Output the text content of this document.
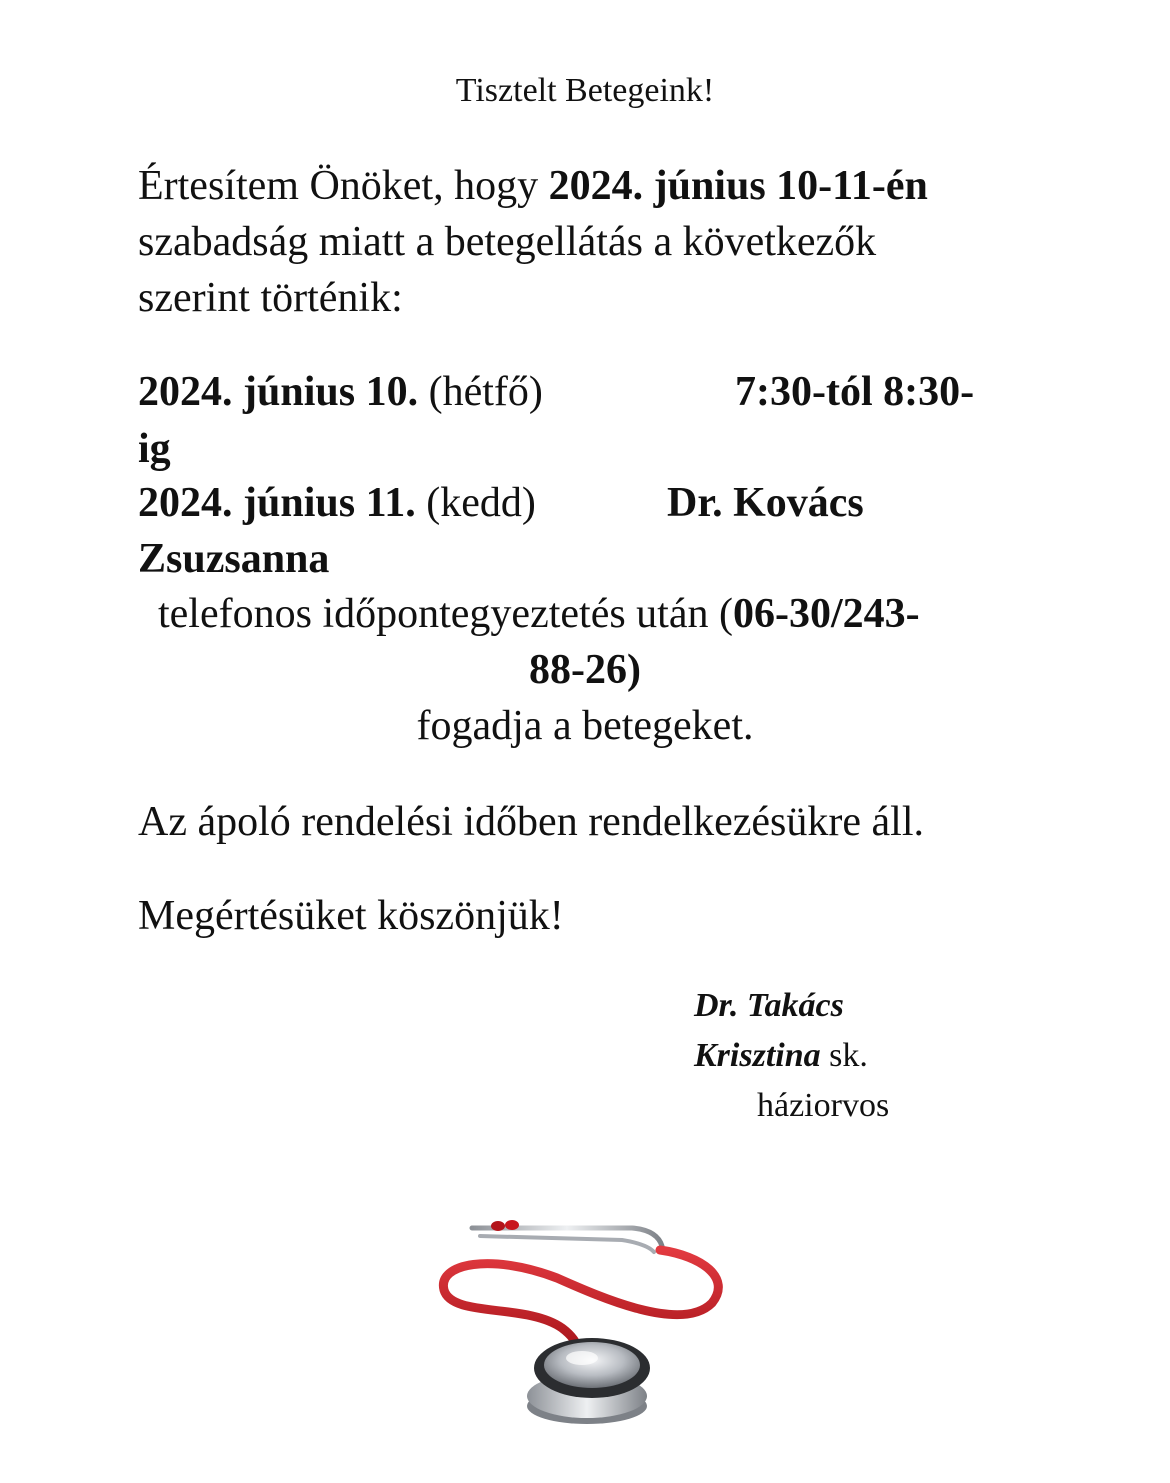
Tisztelt Betegeink!

Értesítem Önöket, hogy 2024. június 10-11-én

szabadság miatt a betegellátás a következők

szerint történik:

2024. június 10. (hétfő)	7:30-tól 8:30-

ig

2024. június 11. (kedd)	Dr. Kovács

Zsuzsanna

telefonos időpontegyeztetés után (06-30/243-

88-26)

fogadja a betegeket.

Az ápoló rendelési időben rendelkezésükre áll.

Megértésüket köszönjük!

Dr. Takács

Krisztina sk.

háziorvos
